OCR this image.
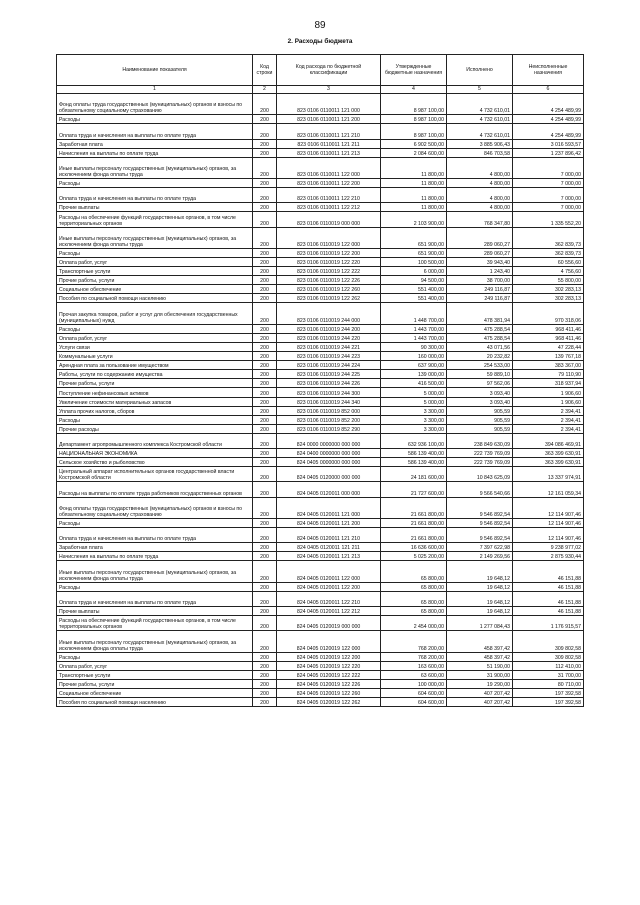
89
2. Расходы бюджета
Наименование показателя	Код строки	Код расхода по бюджетной классификации	Утвержденные бюджетные назначения	Исполнено	Неисполненные назначения
1	2	3	4	5	6
Фонд оплаты труда государственных (муниципальных) органов и взносы по обязательному социальному страхованию	200	823 0106 0110011 121 000	8 987 100,00	4 732 610,01	4 254 489,99
Расходы	200	823 0106 0110011 121 200	8 987 100,00	4 732 610,01	4 254 489,99
Оплата труда и начисления на выплаты по оплате труда	200	823 0106 0110011 121 210	8 987 100,00	4 732 610,01	4 254 489,99
Заработная плата	200	823 0106 0110011 121 211	6 902 500,00	3 885 906,43	3 016 593,57
Начисления на выплаты по оплате труда	200	823 0106 0110011 121 213	2 084 600,00	846 703,58	1 237 896,42
Иные выплаты персоналу государственных (муниципальных) органов, за исключением фонда оплаты труда	200	823 0106 0110011 122 000	11 800,00	4 800,00	7 000,00
Расходы	200	823 0106 0110011 122 200	11 800,00	4 800,00	7 000,00
Оплата труда и начисления на выплаты по оплате труда	200	823 0106 0110011 122 210	11 800,00	4 800,00	7 000,00
Прочие выплаты	200	823 0106 0110011 122 212	11 800,00	4 800,00	7 000,00
Расходы на обеспечение функций государственных органов, в том числе территориальных органов	200	823 0106 0110019 000 000	2 103 900,00	768 347,80	1 335 552,20
Иные выплаты персоналу государственных (муниципальных) органов, за исключением фонда оплаты труда	200	823 0106 0110019 122 000	651 900,00	289 060,27	362 839,73
Расходы	200	823 0106 0110019 122 200	651 900,00	289 060,27	362 839,73
Оплата работ, услуг	200	823 0106 0110019 122 220	100 500,00	39 943,40	60 556,60
Транспортные услуги	200	823 0106 0110019 122 222	6 000,00	1 243,40	4 756,60
Прочие работы, услуги	200	823 0106 0110019 122 226	94 500,00	38 700,00	55 800,00
Социальное обеспечение	200	823 0106 0110019 122 260	551 400,00	249 116,87	302 283,13
Пособия по социальной помощи населению	200	823 0106 0110019 122 262	551 400,00	249 116,87	302 283,13
Прочая закупка товаров, работ и услуг для обеспечения государственных (муниципальных) нужд	200	823 0106 0110019 244 000	1 448 700,00	478 381,94	970 318,06
Расходы	200	823 0106 0110019 244 200	1 443 700,00	475 288,54	968 411,46
Оплата работ, услуг	200	823 0106 0110019 244 220	1 443 700,00	475 288,54	968 411,46
Услуги связи	200	823 0106 0110019 244 221	90 300,00	43 071,56	47 228,44
Коммунальные услуги	200	823 0106 0110019 244 223	160 000,00	20 232,82	139 767,18
Арендная плата за пользование имуществом	200	823 0106 0110019 244 224	637 900,00	254 533,00	383 367,00
Работы, услуги по содержанию имущества	200	823 0106 0110019 244 225	139 000,00	59 889,10	79 110,90
Прочие работы, услуги	200	823 0106 0110019 244 226	416 500,00	97 562,06	318 937,94
Поступление нефинансовых активов	200	823 0106 0110019 244 300	5 000,00	3 093,40	1 906,60
Увеличение стоимости материальных запасов	200	823 0106 0110019 244 340	5 000,00	3 093,40	1 906,60
Уплата прочих налогов, сборов	200	823 0106 0110019 852 000	3 300,00	905,59	2 394,41
Расходы	200	823 0106 0110019 852 200	3 300,00	905,59	2 394,41
Прочие расходы	200	823 0106 0110019 852 290	3 300,00	905,59	2 394,41
Департамент агропромышленного комплекса Костромской области	200	824 0000 0000000 000 000	632 936 100,00	238 849 630,09	394 086 469,91
НАЦИОНАЛЬНАЯ ЭКОНОМИКА	200	824 0400 0000000 000 000	586 139 400,00	222 739 769,09	363 399 630,91
Сельское хозяйство и рыболовство	200	824 0405 0000000 000 000	586 139 400,00	222 739 769,09	363 399 630,91
Центральный аппарат исполнительных органов государственной власти Костромской области	200	824 0405 0120000 000 000	24 181 600,00	10 843 625,09	13 337 974,91
Расходы на выплаты по оплате труда работников государственных органов	200	824 0405 0120011 000 000	21 727 600,00	9 566 540,66	12 161 059,34
Фонд оплаты труда государственных (муниципальных) органов и взносы по обязательному социальному страхованию	200	824 0405 0120011 121 000	21 661 800,00	9 546 892,54	12 114 907,46
Расходы	200	824 0405 0120011 121 200	21 661 800,00	9 546 892,54	12 114 907,46
Оплата труда и начисления на выплаты по оплате труда	200	824 0405 0120011 121 210	21 661 800,00	9 546 892,54	12 114 907,46
Заработная плата	200	824 0405 0120011 121 211	16 636 600,00	7 397 622,98	9 238 977,02
Начисления на выплаты по оплате труда	200	824 0405 0120011 121 213	5 025 200,00	2 149 269,56	2 875 930,44
Иные выплаты персоналу государственных (муниципальных) органов, за исключением фонда оплаты труда	200	824 0405 0120011 122 000	65 800,00	19 648,12	46 151,88
Расходы	200	824 0405 0120011 122 200	65 800,00	19 648,12	46 151,88
Оплата труда и начисления на выплаты по оплате труда	200	824 0405 0120011 122 210	65 800,00	19 648,12	46 151,88
Прочие выплаты	200	824 0405 0120011 122 212	65 800,00	19 648,12	46 151,88
Расходы на обеспечение функций государственных органов, в том числе территориальных органов	200	824 0405 0120019 000 000	2 454 000,00	1 277 084,43	1 176 915,57
Иные выплаты персоналу государственных (муниципальных) органов, за исключением фонда оплаты труда	200	824 0405 0120019 122 000	768 200,00	458 397,42	309 802,58
Расходы	200	824 0405 0120019 122 200	768 200,00	458 397,42	309 802,58
Оплата работ, услуг	200	824 0405 0120019 122 220	163 600,00	51 190,00	112 410,00
Транспортные услуги	200	824 0405 0120019 122 222	63 600,00	31 900,00	31 700,00
Прочие работы, услуги	200	824 0405 0120019 122 226	100 000,00	19 290,00	80 710,00
Социальное обеспечение	200	824 0405 0120019 122 260	604 600,00	407 207,42	197 392,58
Пособия по социальной помощи населению	200	824 0405 0120019 122 262	604 600,00	407 207,42	197 392,58
